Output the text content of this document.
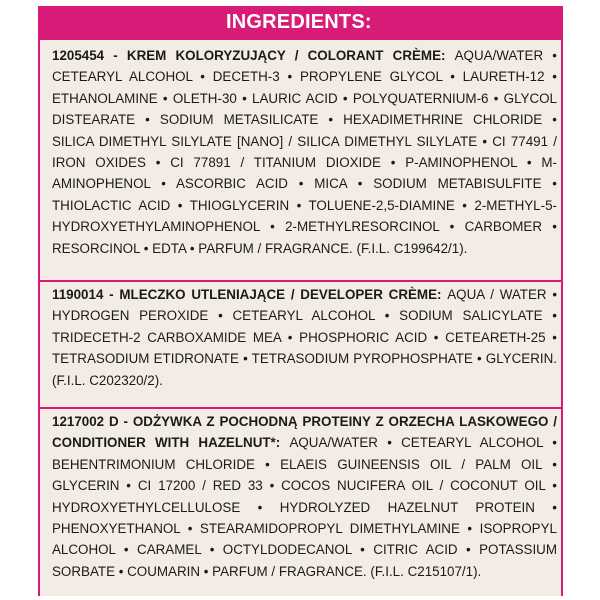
INGREDIENTS:
1205454 - KREM KOLORYZUJĄCY / COLORANT CRÈME: AQUA/WATER • CETEARYL ALCOHOL • DECETH-3 • PROPYLENE GLYCOL • LAURETH-12 • ETHANOLAMINE • OLETH-30 • LAURIC ACID • POLYQUATERNIUM-6 • GLYCOL DISTEARATE • SODIUM METASILICATE • HEXADIMETHRINE CHLORIDE • SILICA DIMETHYL SILYLATE [NANO] / SILICA DIMETHYL SILYLATE • CI 77491 / IRON OXIDES • CI 77891 / TITANIUM DIOXIDE • P-AMINOPHENOL • M-AMINOPHENOL • ASCORBIC ACID • MICA • SODIUM METABISULFITE • THIOLACTIC ACID • THIOGLYCERIN • TOLUENE-2,5-DIAMINE • 2-METHYL-5-HYDROXYETHYLAMINOPHENOL • 2-METHYLRESORCINOL • CARBOMER • RESORCINOL • EDTA • PARFUM / FRAGRANCE. (F.I.L. C199642/1).
1190014 - MLECZKO UTLENIAJĄCE / DEVELOPER CRÈME: AQUA / WATER • HYDROGEN PEROXIDE • CETEARYL ALCOHOL • SODIUM SALICYLATE • TRIDECETH-2 CARBOXAMIDE MEA • PHOSPHORIC ACID • CETEARETH-25 • TETRASODIUM ETIDRONATE • TETRASODIUM PYROPHOSPHATE • GLYCERIN. (F.I.L. C202320/2).
1217002 D - ODŻYWKA Z POCHODNĄ PROTEINY Z ORZECHA LASKOWEGO / CONDITIONER WITH HAZELNUT*: AQUA/WATER • CETEARYL ALCOHOL • BEHENTRIMONIUM CHLORIDE • ELAEIS GUINEENSIS OIL / PALM OIL • GLYCERIN • CI 17200 / RED 33 • COCOS NUCIFERA OIL / COCONUT OIL • HYDROXYETHYLCELLULOSE • HYDROLYZED HAZELNUT PROTEIN • PHENOXYETHANOL • STEARAMIDOPROPYL DIMETHYLAMINE • ISOPROPYL ALCOHOL • CARAMEL • OCTYLDODECANOL • CITRIC ACID • POTASSIUM SORBATE • COUMARIN • PARFUM / FRAGRANCE. (F.I.L. C215107/1).
